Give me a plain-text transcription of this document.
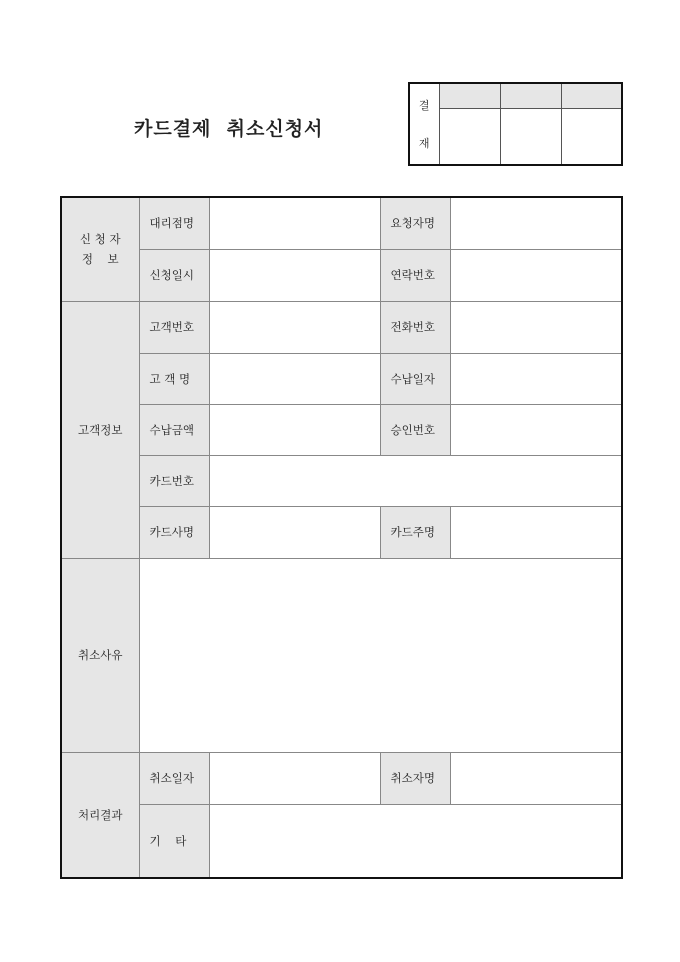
카드결제  취소신청서
결
재			

신 청 자
정    보	대리점명		요청자명	
	신청일시		연락번호	
고객정보	고객번호		전화번호	
	고 객 명		수납일자	
	수납금액		승인번호	
	카드번호			
	카드사명		카드주명	
취소사유				
처리결과	취소일자		취소자명	
	기    타			
